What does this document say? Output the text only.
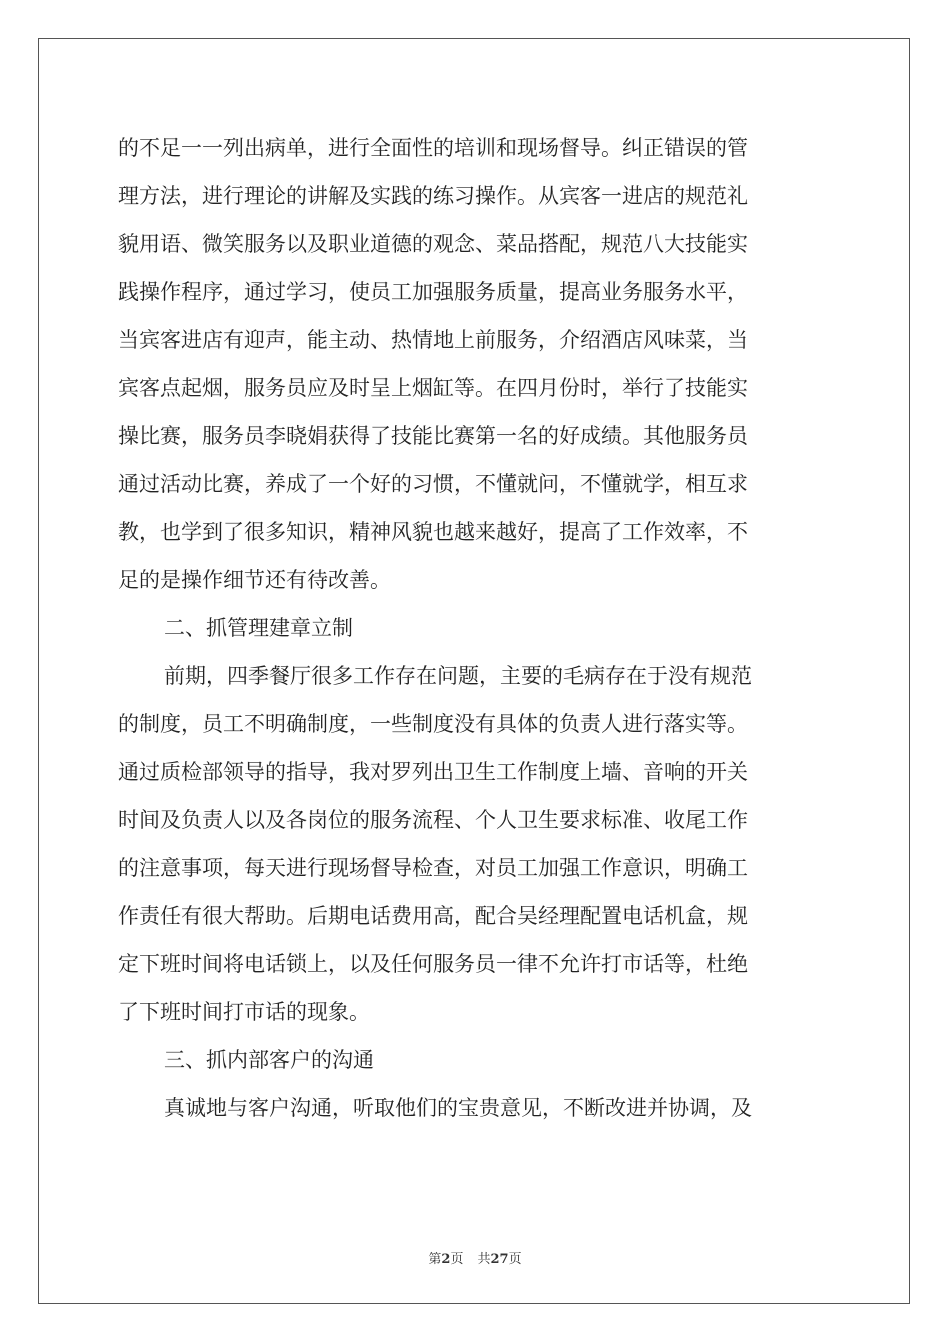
的不足一一列出病单，进行全面性的培训和现场督导。纠正错误的管
理方法，进行理论的讲解及实践的练习操作。从宾客一进店的规范礼
貌用语、微笑服务以及职业道德的观念、菜品搭配，规范八大技能实
践操作程序，通过学习，使员工加强服务质量，提高业务服务水平，
当宾客进店有迎声，能主动、热情地上前服务，介绍酒店风味菜，当
宾客点起烟，服务员应及时呈上烟缸等。在四月份时，举行了技能实
操比赛，服务员李晓娟获得了技能比赛第一名的好成绩。其他服务员
通过活动比赛，养成了一个好的习惯，不懂就问，不懂就学，相互求
教，也学到了很多知识，精神风貌也越来越好，提高了工作效率，不
足的是操作细节还有待改善。
二、抓管理建章立制
前期，四季餐厅很多工作存在问题，主要的毛病存在于没有规范
的制度，员工不明确制度，一些制度没有具体的负责人进行落实等。
通过质检部领导的指导，我对罗列出卫生工作制度上墙、音响的开关
时间及负责人以及各岗位的服务流程、个人卫生要求标准、收尾工作
的注意事项，每天进行现场督导检查，对员工加强工作意识，明确工
作责任有很大帮助。后期电话费用高，配合吴经理配置电话机盒，规
定下班时间将电话锁上，以及任何服务员一律不允许打市话等，杜绝
了下班时间打市话的现象。
三、抓内部客户的沟通
真诚地与客户沟通，听取他们的宝贵意见，不断改进并协调，及
第2页 共27页
